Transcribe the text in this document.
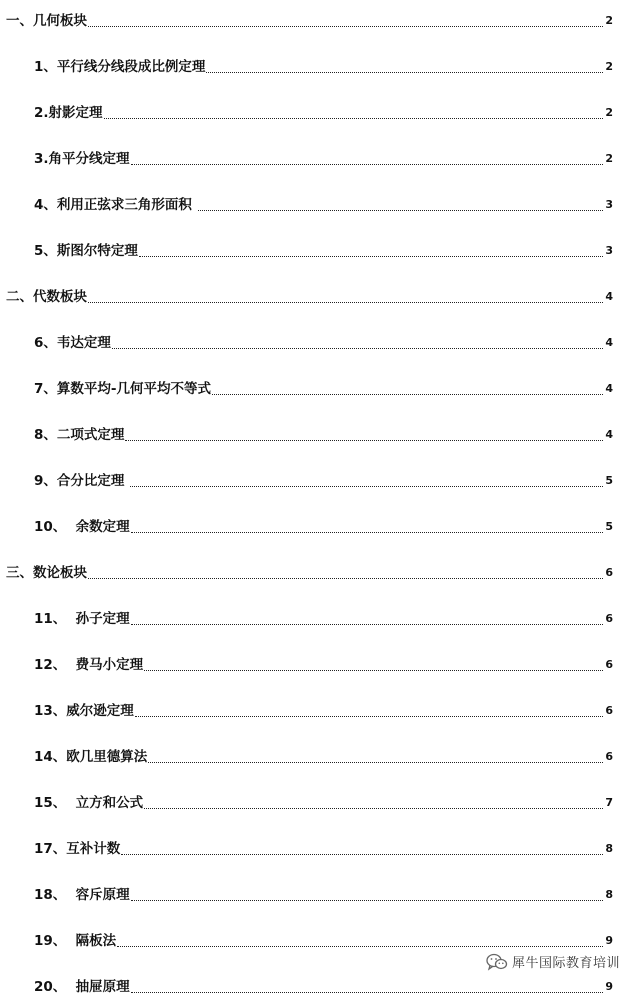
一、几何板块	2
1、平行线分线段成比例定理	2
2.射影定理	2
3.角平分线定理	2
4、利用正弦求三角形面积	3
5、斯图尔特定理	3
二、代数板块	4
6、韦达定理	4
7、算数平均-几何平均不等式	4
8、二项式定理	4
9、合分比定理	5
10、  余数定理	5
三、数论板块	6
11、  孙子定理	6
12、  费马小定理	6
13、威尔逊定理	6
14、欧几里德算法	6
15、  立方和公式	7
17、互补计数	8
18、  容斥原理	8
19、  隔板法	9
20、  抽屉原理	9
犀牛国际教育培训
